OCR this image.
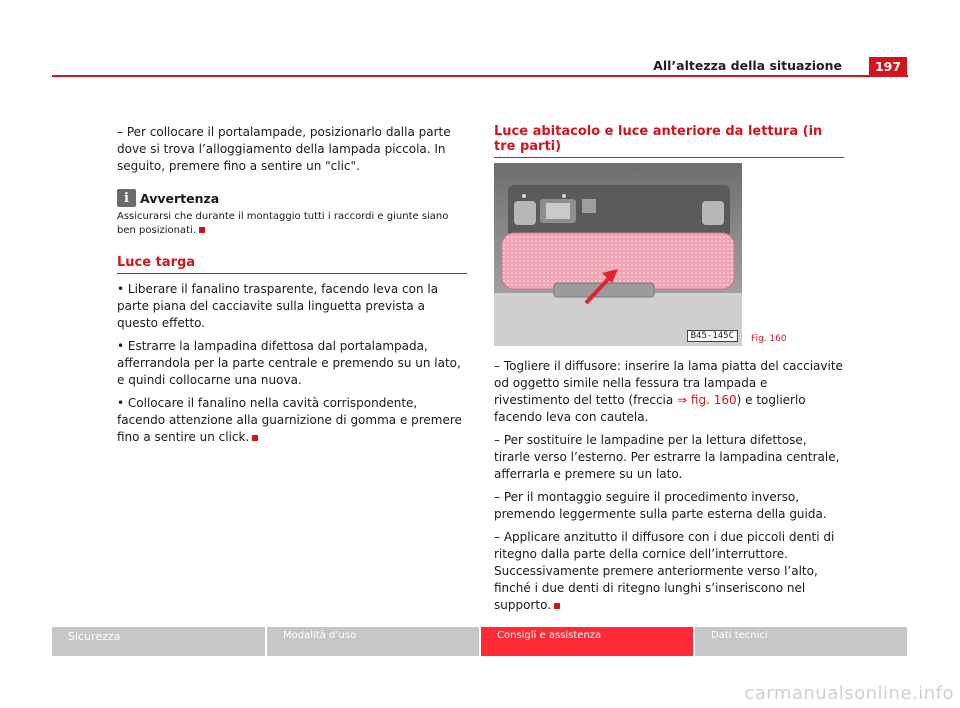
All’altezza della situazione	197

– Per collocare il portalampade, posizionarlo dalla parte dove si trova l’alloggiamento della lampada piccola. In seguito, premere fino a sentire un "clic".

i Avvertenza
Assicurarsi che durante il montaggio tutti i raccordi e giunte siano ben posizionati.
Luce targa

• Liberare il fanalino trasparente, facendo leva con la parte piana del cacciavite sulla linguetta prevista a questo effetto.

• Estrarre la lampadina difettosa dal portalampada, afferrandola per la parte centrale e premendo su un lato, e quindi collocarne una nuova.

• Collocare il fanalino nella cavità corrispondente, facendo attenzione alla guarnizione di gomma e premere fino a sentire un click.

Luce abitacolo e luce anteriore da lettura (in tre parti)
B45-145C	Fig. 160

– Togliere il diffusore: inserire la lama piatta del cacciavite od oggetto simile nella fessura tra lampada e rivestimento del tetto (freccia ⇒ fig. 160) e toglierlo facendo leva con cautela.

– Per sostituire le lampadine per la lettura difettose, tirarle verso l’esterno. Per estrarre la lampadina centrale, afferrarla e premere su un lato.

– Per il montaggio seguire il procedimento inverso, premendo leggermente sulla parte esterna della guida.

– Applicare anzitutto il diffusore con i due piccoli denti di ritegno dalla parte della cornice dell’interruttore. Successivamente premere anteriormente verso l’alto, finché i due denti di ritegno lunghi s’inseriscono nel supporto.

Sicurezza	Modalità d’uso	Consigli e assistenza	Dati tecnici
carmanualsonline.info
